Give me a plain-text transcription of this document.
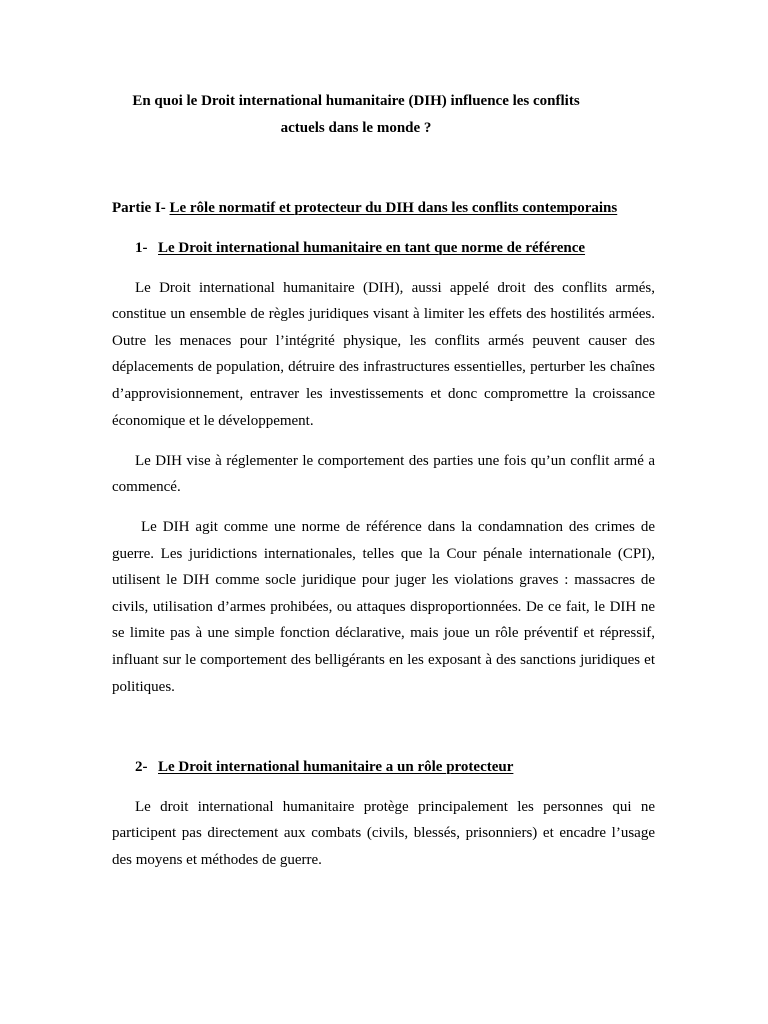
En quoi le Droit international humanitaire (DIH) influence les conflits
actuels dans le monde ?
Partie I- Le rôle normatif et protecteur du DIH dans les conflits contemporains
1- Le Droit international humanitaire en tant que norme de référence
Le Droit international humanitaire (DIH), aussi appelé droit des conflits armés,
constitue un ensemble de règles juridiques visant à limiter les effets des hostilités armées.
Outre les menaces pour l’intégrité physique, les conflits armés peuvent causer des
déplacements de population, détruire des infrastructures essentielles, perturber les chaînes
d’approvisionnement, entraver les investissements et donc compromettre la croissance
économique et le développement.
Le DIH vise à réglementer le comportement des parties une fois qu’un conflit armé a
commencé.
Le DIH agit comme une norme de référence dans la condamnation des crimes de
guerre. Les juridictions internationales, telles que la Cour pénale internationale (CPI),
utilisent le DIH comme socle juridique pour juger les violations graves : massacres de
civils, utilisation d’armes prohibées, ou attaques disproportionnées. De ce fait, le DIH ne
se limite pas à une simple fonction déclarative, mais joue un rôle préventif et répressif,
influant sur le comportement des belligérants en les exposant à des sanctions juridiques et
politiques.
2- Le Droit international humanitaire a un rôle protecteur
Le droit international humanitaire protège principalement les personnes qui ne
participent pas directement aux combats (civils, blessés, prisonniers) et encadre l’usage
des moyens et méthodes de guerre.
